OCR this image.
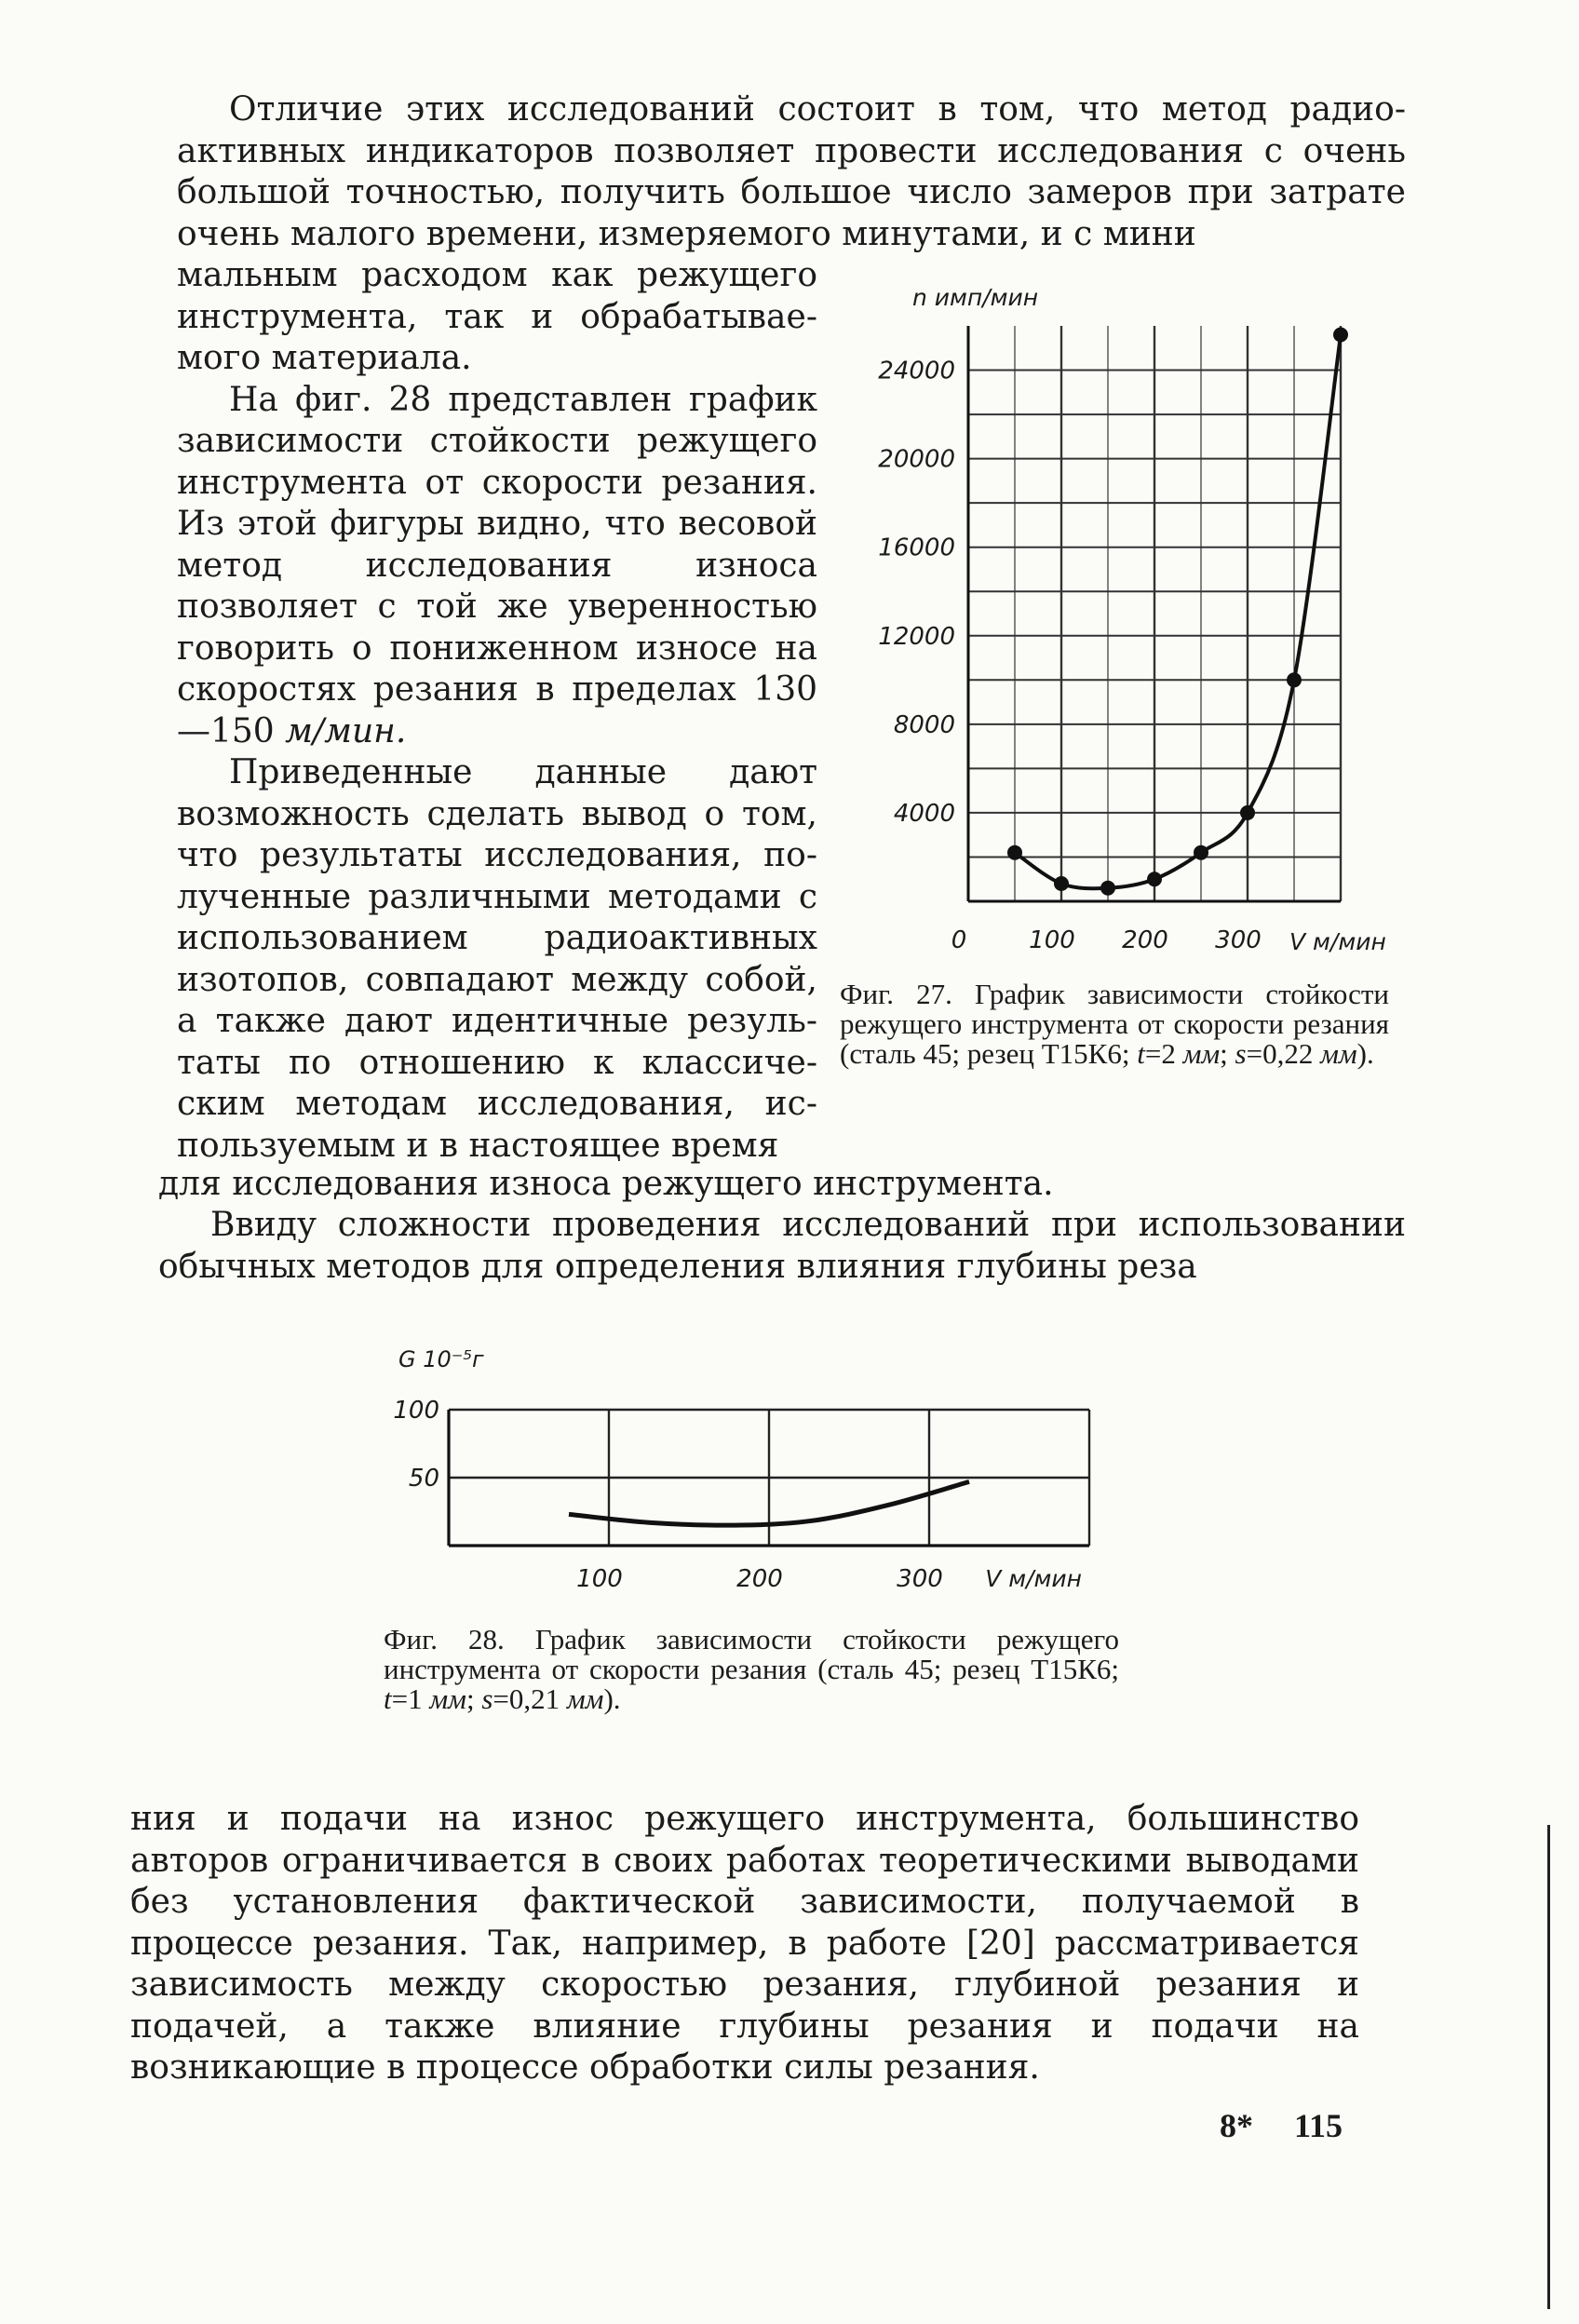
Отличие этих исследований состоит в том, что метод радиоактивных индикаторов позволяет провести исследования с очень большой точностью, получить большое число замеров при затрате очень малого времени, измеряемого минутами, и с мини

мальным расходом как режущего инструмента, так и обрабатываемого материала.

На фиг. 28 представлен график зависимости стойкости режущего инструмента от скорости резания. Из этой фигуры видно, что весовой метод исследования износа позволяет с той же уверенностью говорить о пониженном износе на скоростях резания в пределах 130—150 м/мин.

Приведенные данные дают возможность сделать вывод о том, что результаты исследования, полученные различными методами с использованием радиоактивных изотопов, совпадают между собой, а также дают идентичные результаты по отношению к классическим методам исследования, используемым и в настоящее время

для исследования износа режущего инструмента.
Ввиду сложности проведения исследований при использовании обычных методов для определения влияния глубины реза
n имп/мин
24000
20000
16000
12000
8000
4000
0	100 200 300 V м/мин
Фиг. 27. График зависимости стойкости режущего инструмента от скорости резания (сталь 45; резец Т15К6; t=2 мм; s=0,22 мм).
G 10⁻⁵г
100
50
100	200	300 V м/мин
Фиг. 28. График зависимости стойкости режущего инструмента от скорости резания (сталь 45; резец Т15К6; t=1 мм; s=0,21 мм).
ния и подачи на износ режущего инструмента, большинство авторов ограничивается в своих работах теоретическими выводами без установления фактической зависимости, получаемой в процессе резания. Так, например, в работе [20] рассматривается зависимость между скоростью резания, глубиной резания и подачей, а также влияние глубины резания и подачи на возникающие в процессе обработки силы резания.
8* 115
